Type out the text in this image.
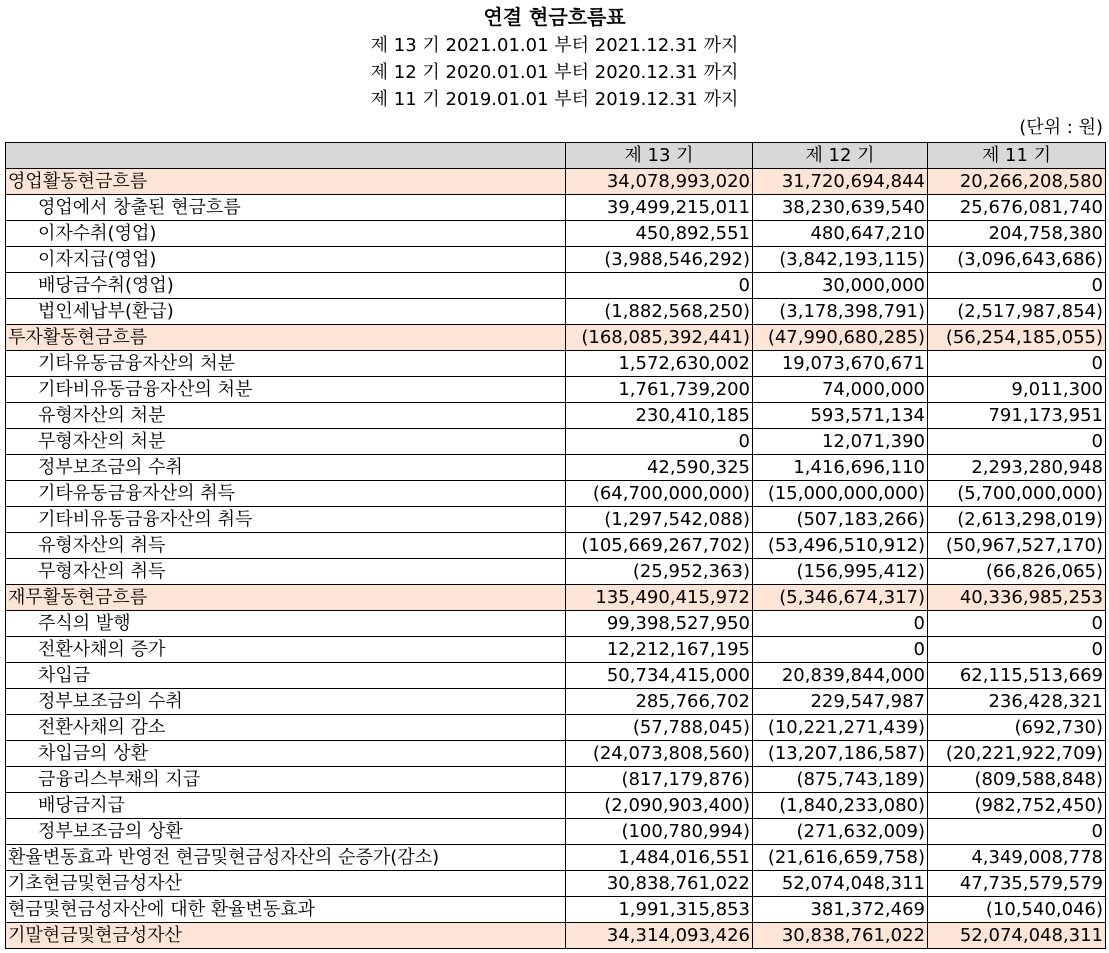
연결 현금흐름표
제 13 기 2021.01.01 부터 2021.12.31 까지
제 12 기 2020.01.01 부터 2020.12.31 까지
제 11 기 2019.01.01 부터 2019.12.31 까지
(단위 : 원)
	제 13 기	제 12 기	제 11 기
영업활동현금흐름	34,078,993,020	31,720,694,844	20,266,208,580
영업에서 창출된 현금흐름	39,499,215,011	38,230,639,540	25,676,081,740
이자수취(영업)	450,892,551	480,647,210	204,758,380
이자지급(영업)	(3,988,546,292)	(3,842,193,115)	(3,096,643,686)
배당금수취(영업)	0	30,000,000	0
법인세납부(환급)	(1,882,568,250)	(3,178,398,791)	(2,517,987,854)
투자활동현금흐름	(168,085,392,441)	(47,990,680,285)	(56,254,185,055)
기타유동금융자산의 처분	1,572,630,002	19,073,670,671	0
기타비유동금융자산의 처분	1,761,739,200	74,000,000	9,011,300
유형자산의 처분	230,410,185	593,571,134	791,173,951
무형자산의 처분	0	12,071,390	0
정부보조금의 수취	42,590,325	1,416,696,110	2,293,280,948
기타유동금융자산의 취득	(64,700,000,000)	(15,000,000,000)	(5,700,000,000)
기타비유동금융자산의 취득	(1,297,542,088)	(507,183,266)	(2,613,298,019)
유형자산의 취득	(105,669,267,702)	(53,496,510,912)	(50,967,527,170)
무형자산의 취득	(25,952,363)	(156,995,412)	(66,826,065)
재무활동현금흐름	135,490,415,972	(5,346,674,317)	40,336,985,253
주식의 발행	99,398,527,950	0	0
전환사채의 증가	12,212,167,195	0	0
차입금	50,734,415,000	20,839,844,000	62,115,513,669
정부보조금의 수취	285,766,702	229,547,987	236,428,321
전환사채의 감소	(57,788,045)	(10,221,271,439)	(692,730)
차입금의 상환	(24,073,808,560)	(13,207,186,587)	(20,221,922,709)
금융리스부채의 지급	(817,179,876)	(875,743,189)	(809,588,848)
배당금지급	(2,090,903,400)	(1,840,233,080)	(982,752,450)
정부보조금의 상환	(100,780,994)	(271,632,009)	0
환율변동효과 반영전 현금및현금성자산의 순증가(감소)	1,484,016,551	(21,616,659,758)	4,349,008,778
기초현금및현금성자산	30,838,761,022	52,074,048,311	47,735,579,579
현금및현금성자산에 대한 환율변동효과	1,991,315,853	381,372,469	(10,540,046)
기말현금및현금성자산	34,314,093,426	30,838,761,022	52,074,048,311
